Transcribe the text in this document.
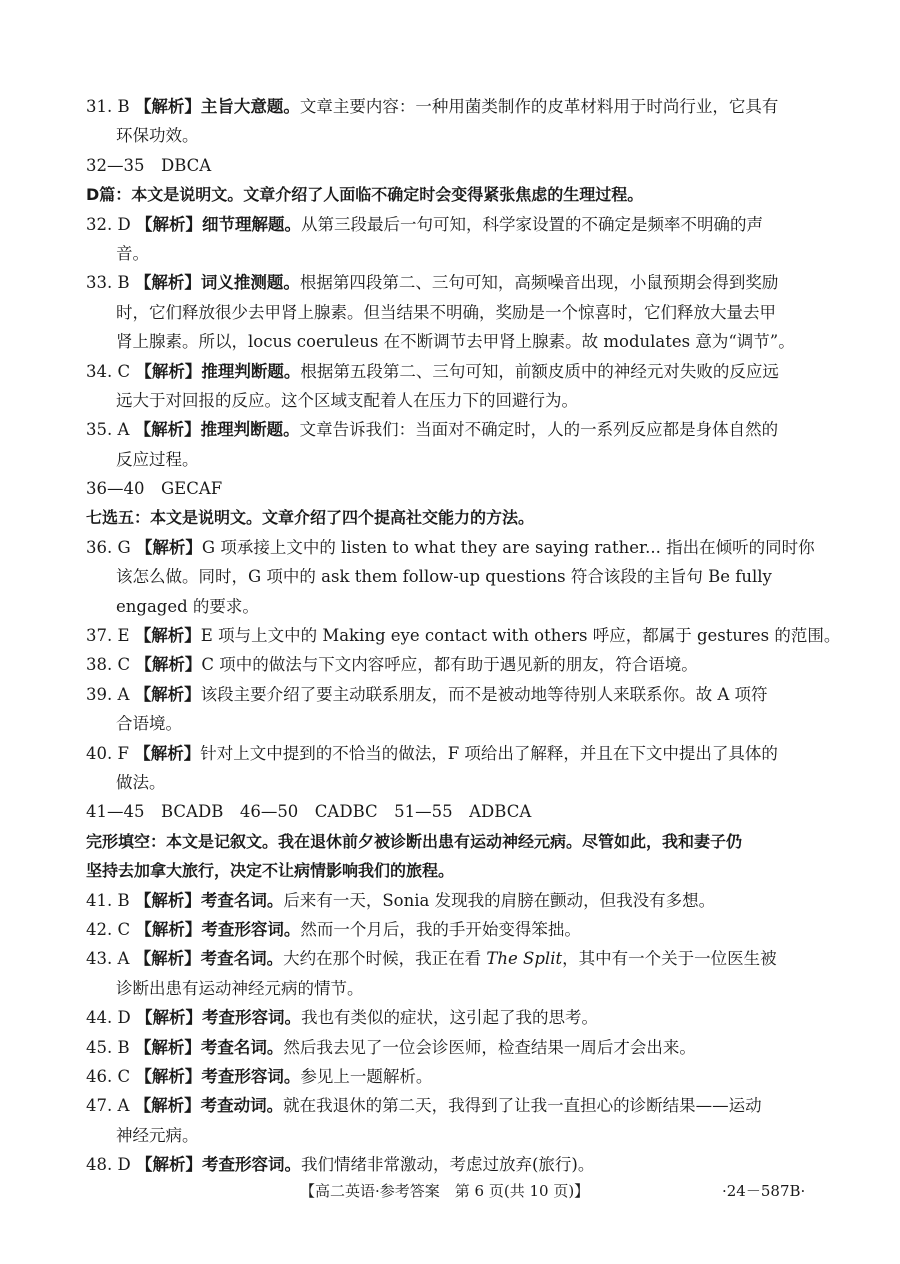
31. B 【解析】主旨大意题。文章主要内容：一种用菌类制作的皮革材料用于时尚行业，它具有
环保功效。
32—35　DBCA
D篇：本文是说明文。文章介绍了人面临不确定时会变得紧张焦虑的生理过程。
32. D 【解析】细节理解题。从第三段最后一句可知，科学家设置的不确定是频率不明确的声
音。
33. B 【解析】词义推测题。根据第四段第二、三句可知，高频噪音出现，小鼠预期会得到奖励
时，它们释放很少去甲肾上腺素。但当结果不明确，奖励是一个惊喜时，它们释放大量去甲
肾上腺素。所以，locus coeruleus 在不断调节去甲肾上腺素。故 modulates 意为“调节”。
34. C 【解析】推理判断题。根据第五段第二、三句可知，前额皮质中的神经元对失败的反应远
远大于对回报的反应。这个区域支配着人在压力下的回避行为。
35. A 【解析】推理判断题。文章告诉我们：当面对不确定时，人的一系列反应都是身体自然的
反应过程。
36—40　GECAF
七选五：本文是说明文。文章介绍了四个提高社交能力的方法。
36. G 【解析】G 项承接上文中的 listen to what they are saying rather... 指出在倾听的同时你
该怎么做。同时，G 项中的 ask them follow-up questions 符合该段的主旨句 Be fully
engaged 的要求。
37. E 【解析】E 项与上文中的 Making eye contact with others 呼应，都属于 gestures 的范围。
38. C 【解析】C 项中的做法与下文内容呼应，都有助于遇见新的朋友，符合语境。
39. A 【解析】该段主要介绍了要主动联系朋友，而不是被动地等待别人来联系你。故 A 项符
合语境。
40. F 【解析】针对上文中提到的不恰当的做法，F 项给出了解释，并且在下文中提出了具体的
做法。
41—45　BCADB　46—50　CADBC　51—55　ADBCA
完形填空：本文是记叙文。我在退休前夕被诊断出患有运动神经元病。尽管如此，我和妻子仍
坚持去加拿大旅行，决定不让病情影响我们的旅程。
41. B 【解析】考查名词。后来有一天，Sonia 发现我的肩膀在颤动，但我没有多想。
42. C 【解析】考查形容词。然而一个月后，我的手开始变得笨拙。
43. A 【解析】考查名词。大约在那个时候，我正在看 The Split，其中有一个关于一位医生被
诊断出患有运动神经元病的情节。
44. D 【解析】考查形容词。我也有类似的症状，这引起了我的思考。
45. B 【解析】考查名词。然后我去见了一位会诊医师，检查结果一周后才会出来。
46. C 【解析】考查形容词。参见上一题解析。
47. A 【解析】考查动词。就在我退休的第二天，我得到了让我一直担心的诊断结果——运动
神经元病。
48. D 【解析】考查形容词。我们情绪非常激动，考虑过放弃(旅行)。
【高二英语·参考答案　第 6 页(共 10 页)】	·24－587B·
